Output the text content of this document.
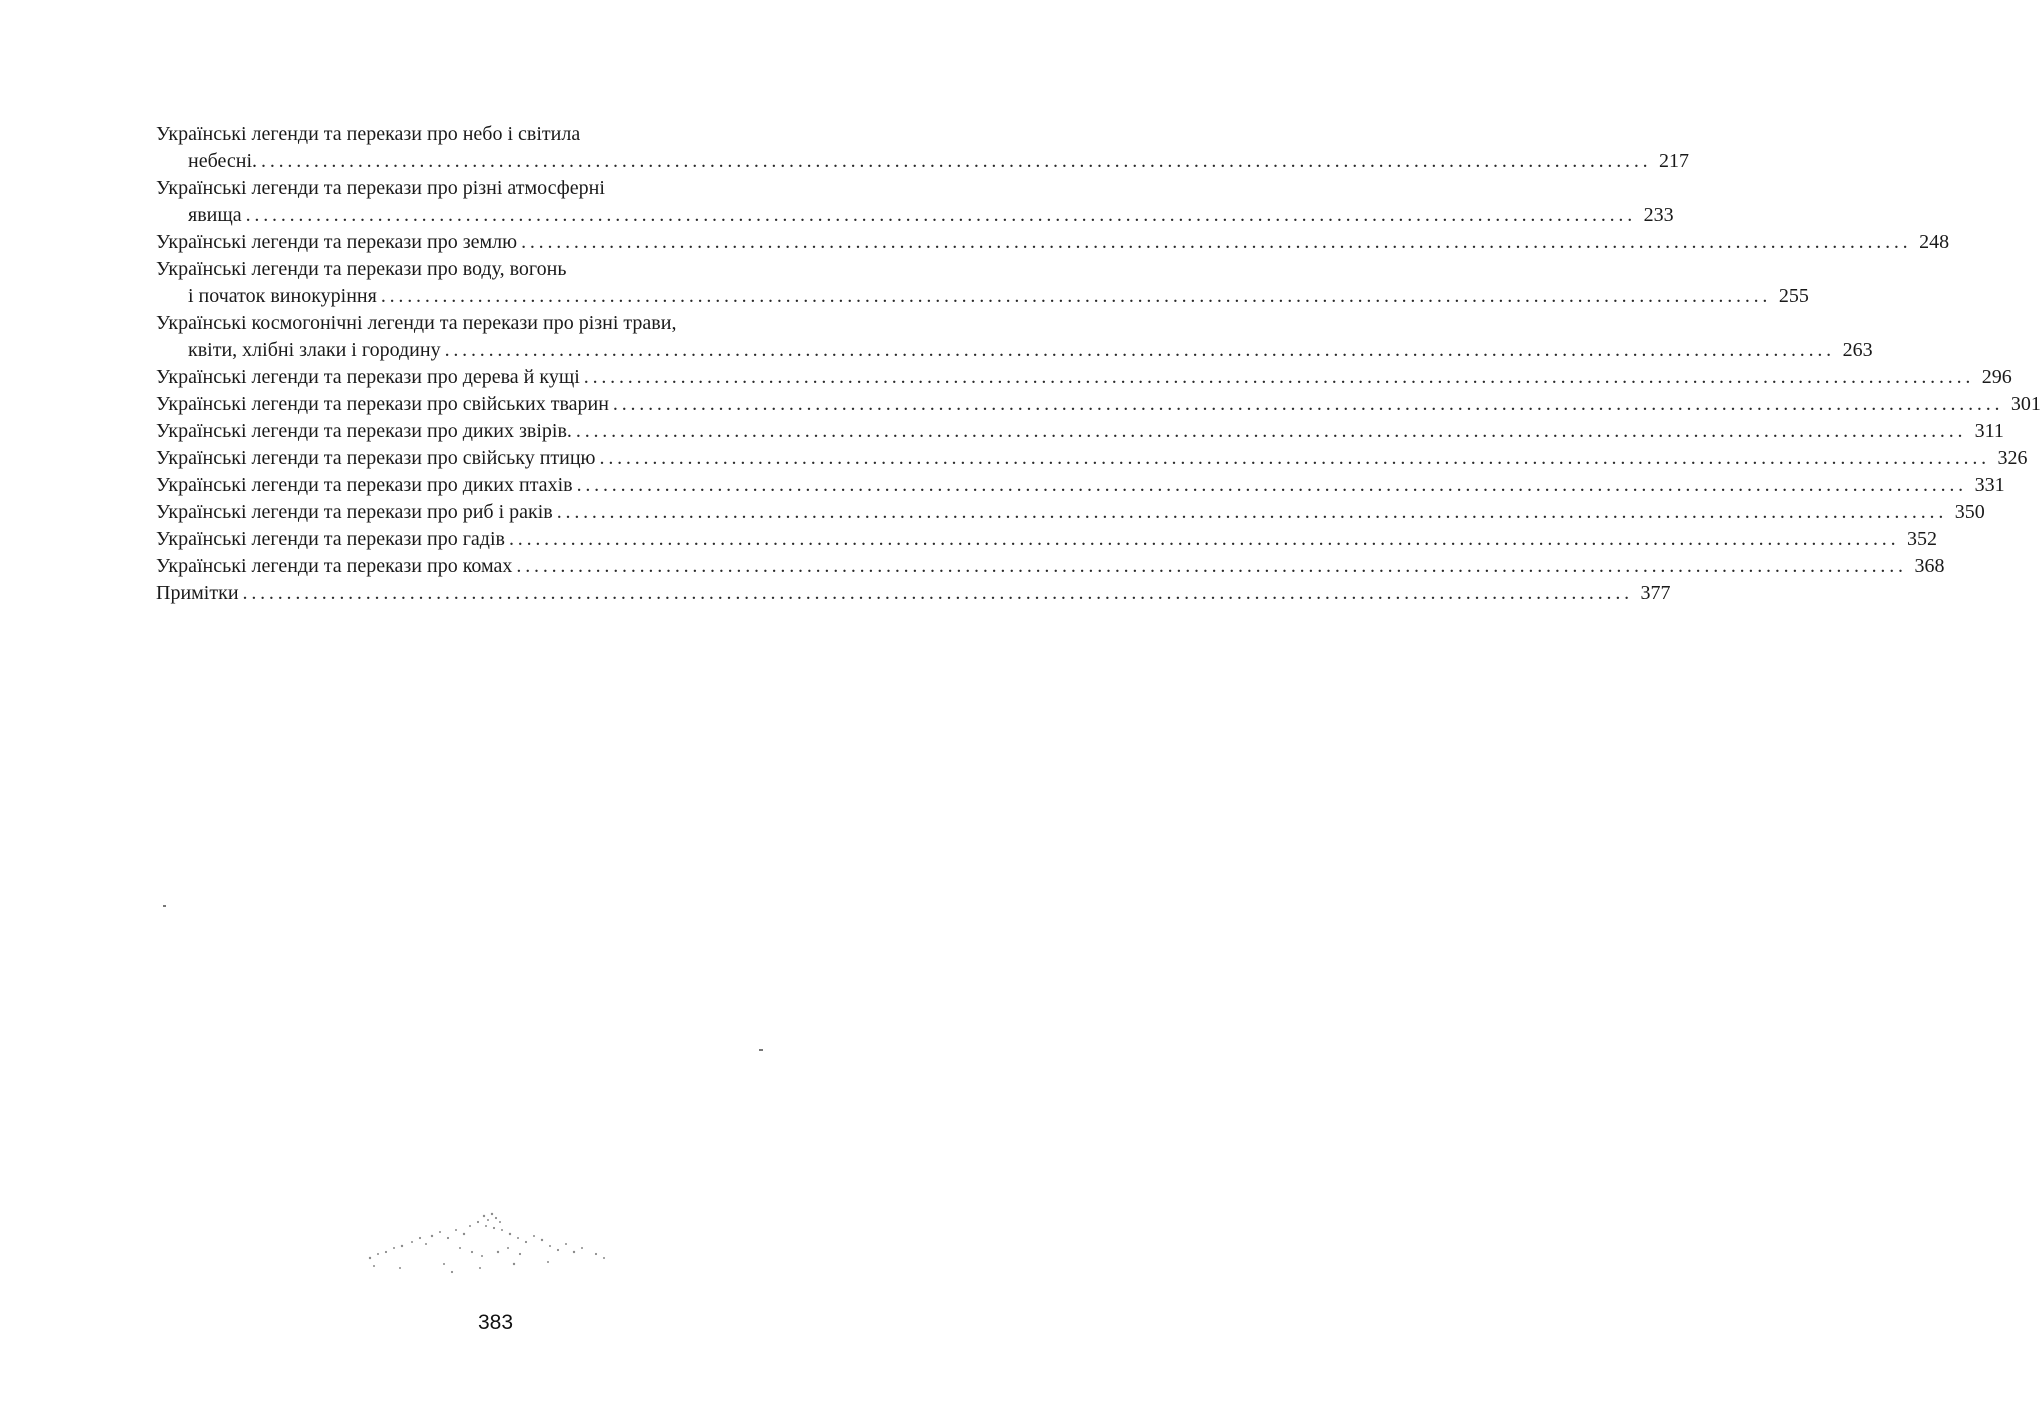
Українські легенди та перекази про небо і світила
небесні. . . .	217
Українські легенди та перекази про різні атмосферні
явища . . .	233
Українські легенди та перекази про землю . . .	248
Українські легенди та перекази про воду, вогонь
і початок винокуріння . . .	255
Українські космогонічні легенди та перекази про різні трави,
квіти, хлібні злаки і городину . . .	263
Українські легенди та перекази про дерева й кущі . . .	296
Українські легенди та перекази про свійських тварин . . .	301
Українські легенди та перекази про диких звірів. . . .	311
Українські легенди та перекази про свійську птицю . . .	326
Українські легенди та перекази про диких птахів . . .	331
Українські легенди та перекази про риб і раків . . .	350
Українські легенди та перекази про гадів . . .	352
Українські легенди та перекази про комах . . .	368
Примітки . . .	377
383
